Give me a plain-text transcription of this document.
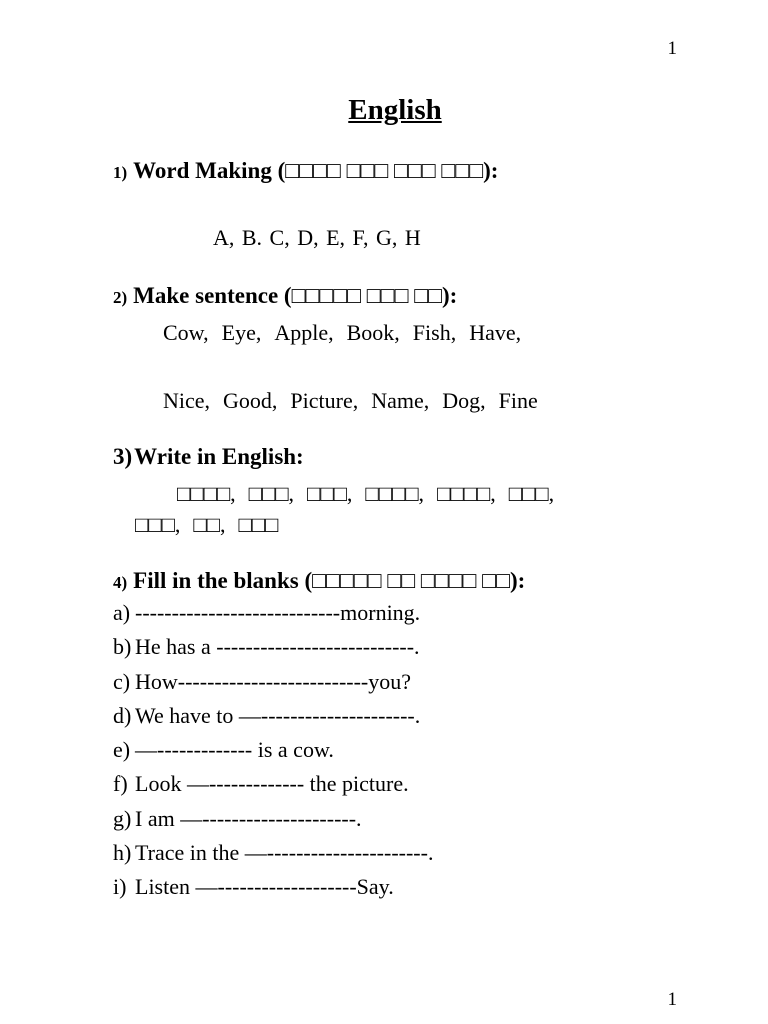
1
English
1) Word Making (□□□□ □□□ □□□ □□□):
A, B. C, D, E, F, G, H
2) Make sentence (□□□□□ □□□ □□):
Cow, Eye, Apple, Book, Fish, Have,
Nice, Good, Picture, Name, Dog, Fine
3)Write in English:
□□□□, □□□, □□□, □□□□, □□□□, □□□,
□□□, □□, □□□
4) Fill in the blanks (□□□□□ □□ □□□□ □□):
a) ----------------------------morning.
b) He has a ---------------------------.
c) How--------------------------you?
d) We have to —---------------------.
e) —------------- is a cow.
f) Look —------------- the picture.
g) I am —---------------------.
h) Trace in the —----------------------.
i) Listen —-------------------Say.
1
